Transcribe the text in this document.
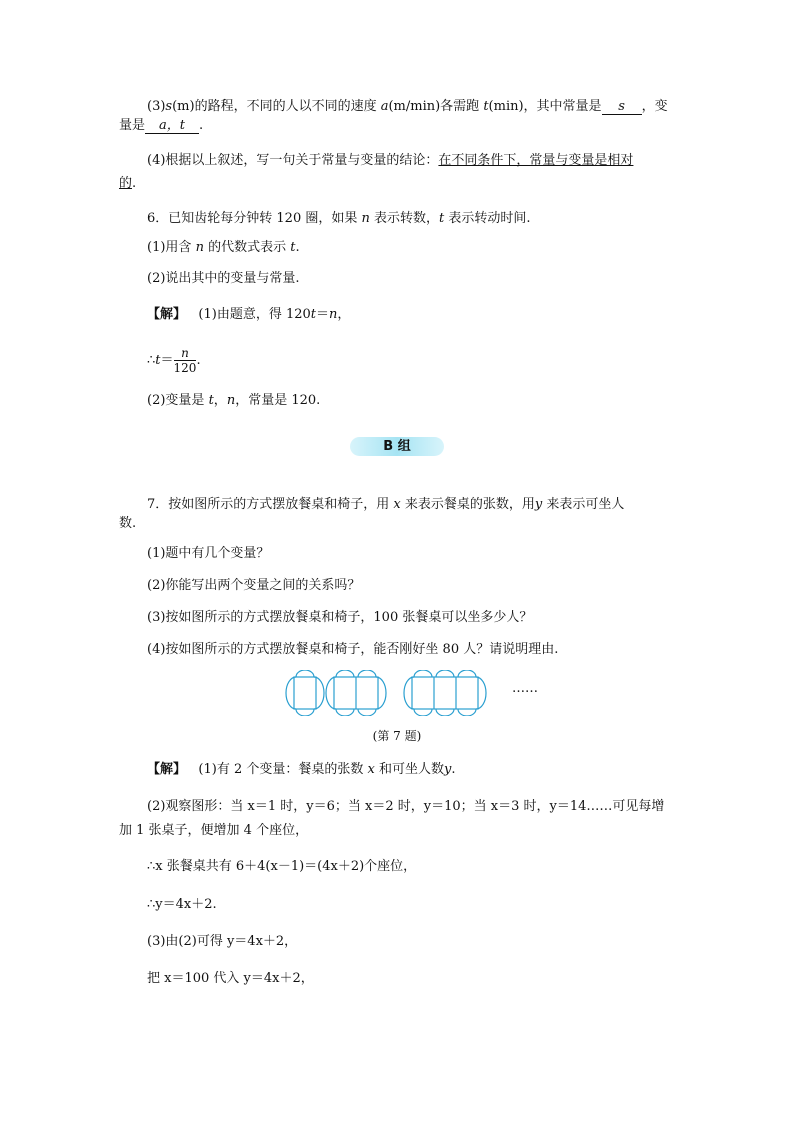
(3)s(m)的路程，不同的人以不同的速度 a(m/min)各需跑 t(min)，其中常量是 s ，变
量是 a，t .
(4)根据以上叙述，写一句关于常量与变量的结论：在不同条件下，常量与变量是相对
的.
6．已知齿轮每分钟转 120 圈，如果 n 表示转数，t 表示转动时间.
(1)用含 n 的代数式表示 t.
(2)说出其中的变量与常量.
【解】 (1)由题意，得 120t＝n，
∴t＝ $\frac{n}{120}$ .
(2)变量是 t，n，常量是 120.
B 组
7．按如图所示的方式摆放餐桌和椅子，用 x 来表示餐桌的张数，用y 来表示可坐人
数.
(1)题中有几个变量？
(2)你能写出两个变量之间的关系吗？
(3)按如图所示的方式摆放餐桌和椅子，100 张餐桌可以坐多少人？
(4)按如图所示的方式摆放餐桌和椅子，能否刚好坐 80 人？请说明理由.
……
(第 7 题)
【解】 (1)有 2 个变量：餐桌的张数 x 和可坐人数y.
(2)观察图形：当 x＝1 时，y＝6；当 x＝2 时，y＝10；当 x＝3 时，y＝14……可见每增
加 1 张桌子，便增加 4 个座位，
∴x 张餐桌共有 6＋4(x－1)＝(4x＋2)个座位，
∴y＝4x＋2.
(3)由(2)可得 y＝4x＋2，
把 x＝100 代入 y＝4x＋2，
